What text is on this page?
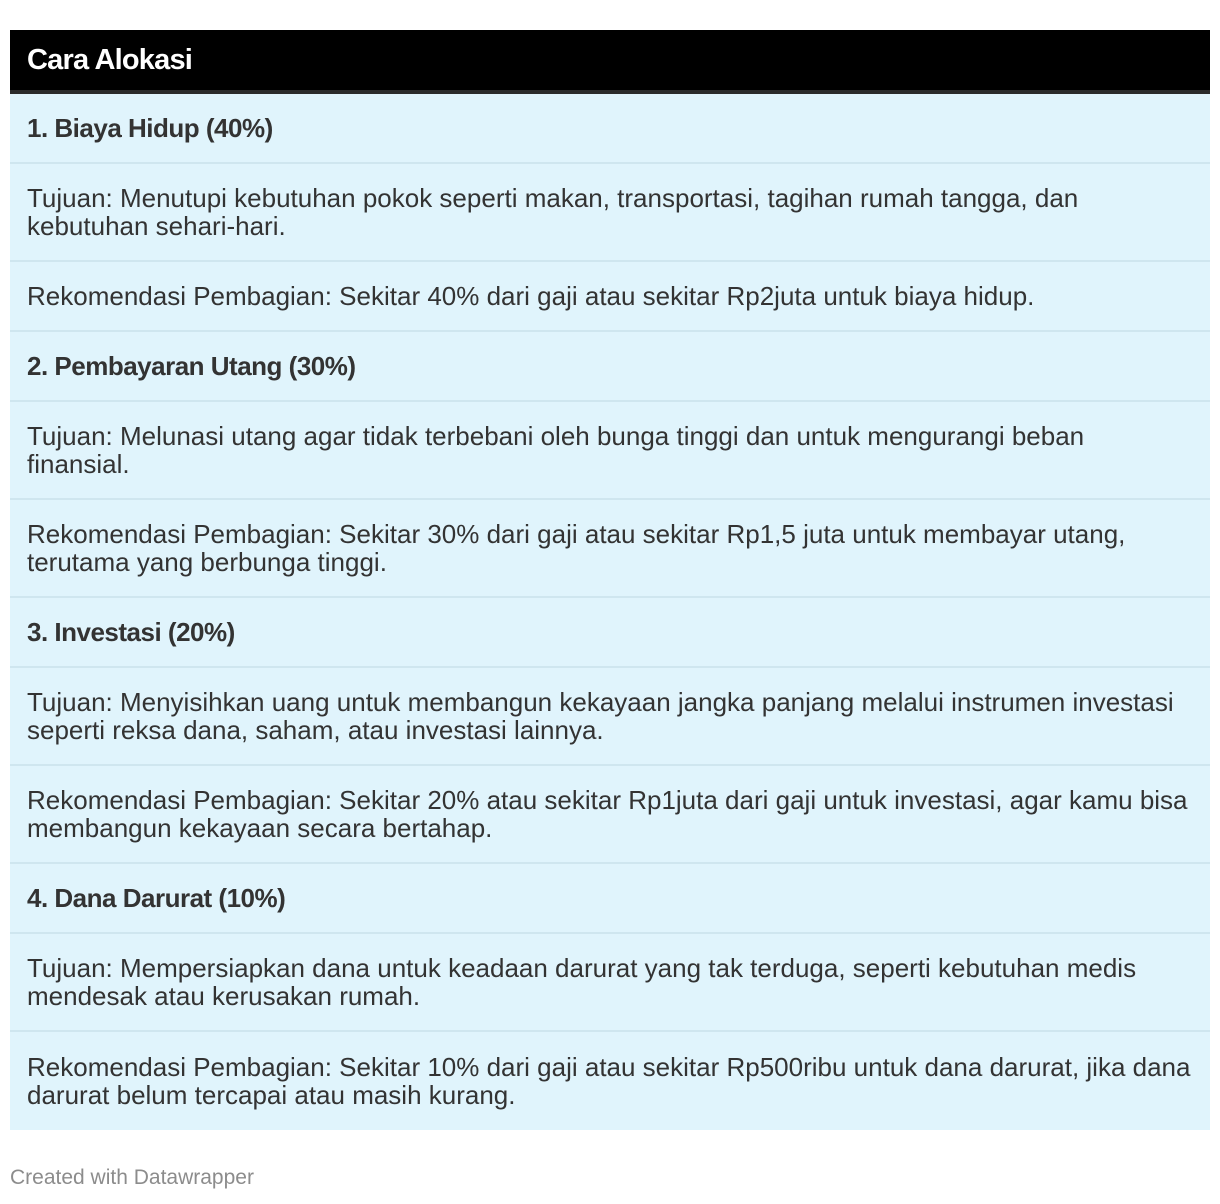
Cara Alokasi
1. Biaya Hidup (40%)
Tujuan: Menutupi kebutuhan pokok seperti makan, transportasi, tagihan rumah tangga, dan kebutuhan sehari-hari.
Rekomendasi Pembagian: Sekitar 40% dari gaji atau sekitar Rp2juta untuk biaya hidup.
2. Pembayaran Utang (30%)
Tujuan: Melunasi utang agar tidak terbebani oleh bunga tinggi dan untuk mengurangi beban finansial.
Rekomendasi Pembagian: Sekitar 30% dari gaji atau sekitar Rp1,5 juta untuk membayar utang, terutama yang berbunga tinggi.
3. Investasi (20%)
Tujuan: Menyisihkan uang untuk membangun kekayaan jangka panjang melalui instrumen investasi seperti reksa dana, saham, atau investasi lainnya.
Rekomendasi Pembagian: Sekitar 20% atau sekitar Rp1juta dari gaji untuk investasi, agar kamu bisa membangun kekayaan secara bertahap.
4. Dana Darurat (10%)
Tujuan: Mempersiapkan dana untuk keadaan darurat yang tak terduga, seperti kebutuhan medis mendesak atau kerusakan rumah.
Rekomendasi Pembagian: Sekitar 10% dari gaji atau sekitar Rp500ribu untuk dana darurat, jika dana darurat belum tercapai atau masih kurang.
Created with Datawrapper
